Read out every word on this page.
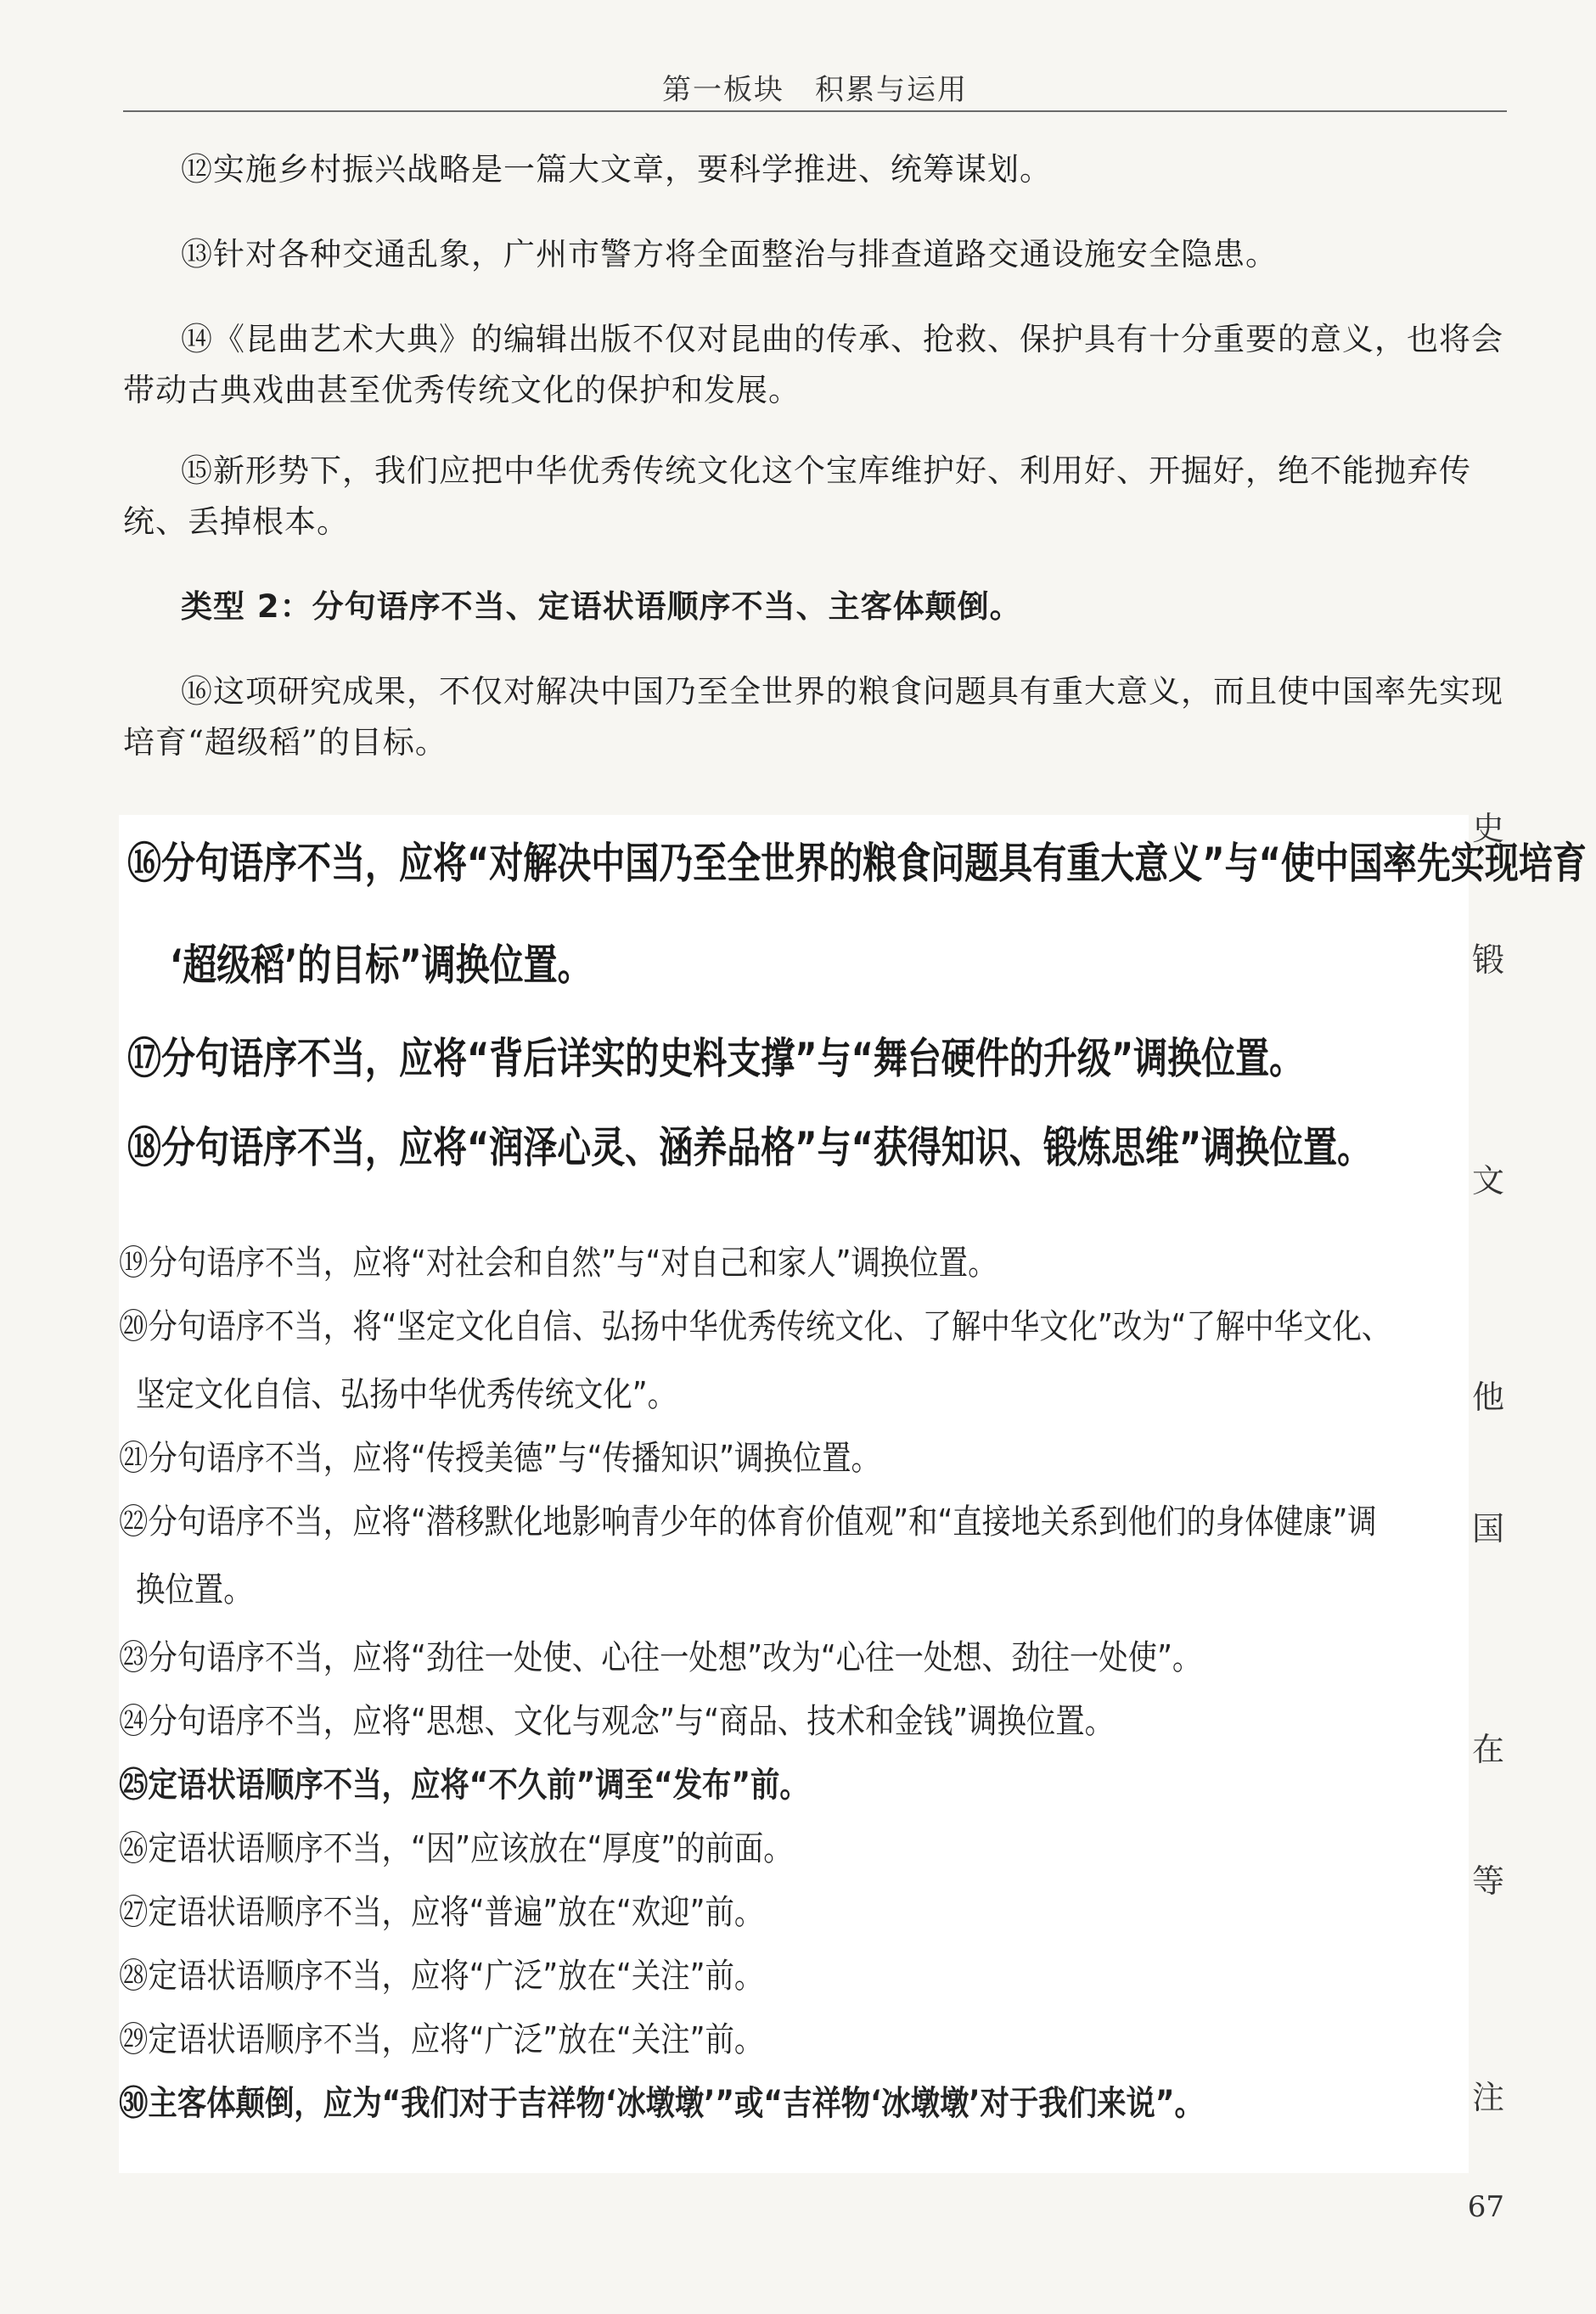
第一板块　积累与运用

⑫实施乡村振兴战略是一篇大文章，要科学推进、统筹谋划。

⑬针对各种交通乱象，广州市警方将全面整治与排查道路交通设施安全隐患。

⑭《昆曲艺术大典》的编辑出版不仅对昆曲的传承、抢救、保护具有十分重要的意义，也将会带动古典戏曲甚至优秀传统文化的保护和发展。

⑮新形势下，我们应把中华优秀传统文化这个宝库维护好、利用好、开掘好，绝不能抛弃传统、丢掉根本。

类型 2：分句语序不当、定语状语顺序不当、主客体颠倒。

⑯这项研究成果，不仅对解决中国乃至全世界的粮食问题具有重大意义，而且使中国率先实现培育“超级稻”的目标。

⑯分句语序不当，应将“对解决中国乃至全世界的粮食问题具有重大意义”与“使中国率先实现培育

‘超级稻’的目标”调换位置。

⑰分句语序不当，应将“背后详实的史料支撑”与“舞台硬件的升级”调换位置。

⑱分句语序不当，应将“润泽心灵、涵养品格”与“获得知识、锻炼思维”调换位置。

⑲分句语序不当，应将“对社会和自然”与“对自己和家人”调换位置。

⑳分句语序不当，将“坚定文化自信、弘扬中华优秀传统文化、了解中华文化”改为“了解中华文化、

坚定文化自信、弘扬中华优秀传统文化”。

㉑分句语序不当，应将“传授美德”与“传播知识”调换位置。

㉒分句语序不当，应将“潜移默化地影响青少年的体育价值观”和“直接地关系到他们的身体健康”调

换位置。

㉓分句语序不当，应将“劲往一处使、心往一处想”改为“心往一处想、劲往一处使”。

㉔分句语序不当，应将“思想、文化与观念”与“商品、技术和金钱”调换位置。

㉕定语状语顺序不当，应将“不久前”调至“发布”前。

㉖定语状语顺序不当，“因”应该放在“厚度”的前面。

㉗定语状语顺序不当，应将“普遍”放在“欢迎”前。

㉘定语状语顺序不当，应将“广泛”放在“关注”前。

㉙定语状语顺序不当，应将“广泛”放在“关注”前。

㉚主客体颠倒，应为“我们对于吉祥物‘冰墩墩’”或“吉祥物‘冰墩墩’对于我们来说”。

史
锻
文
他
国
在
等
注
67
